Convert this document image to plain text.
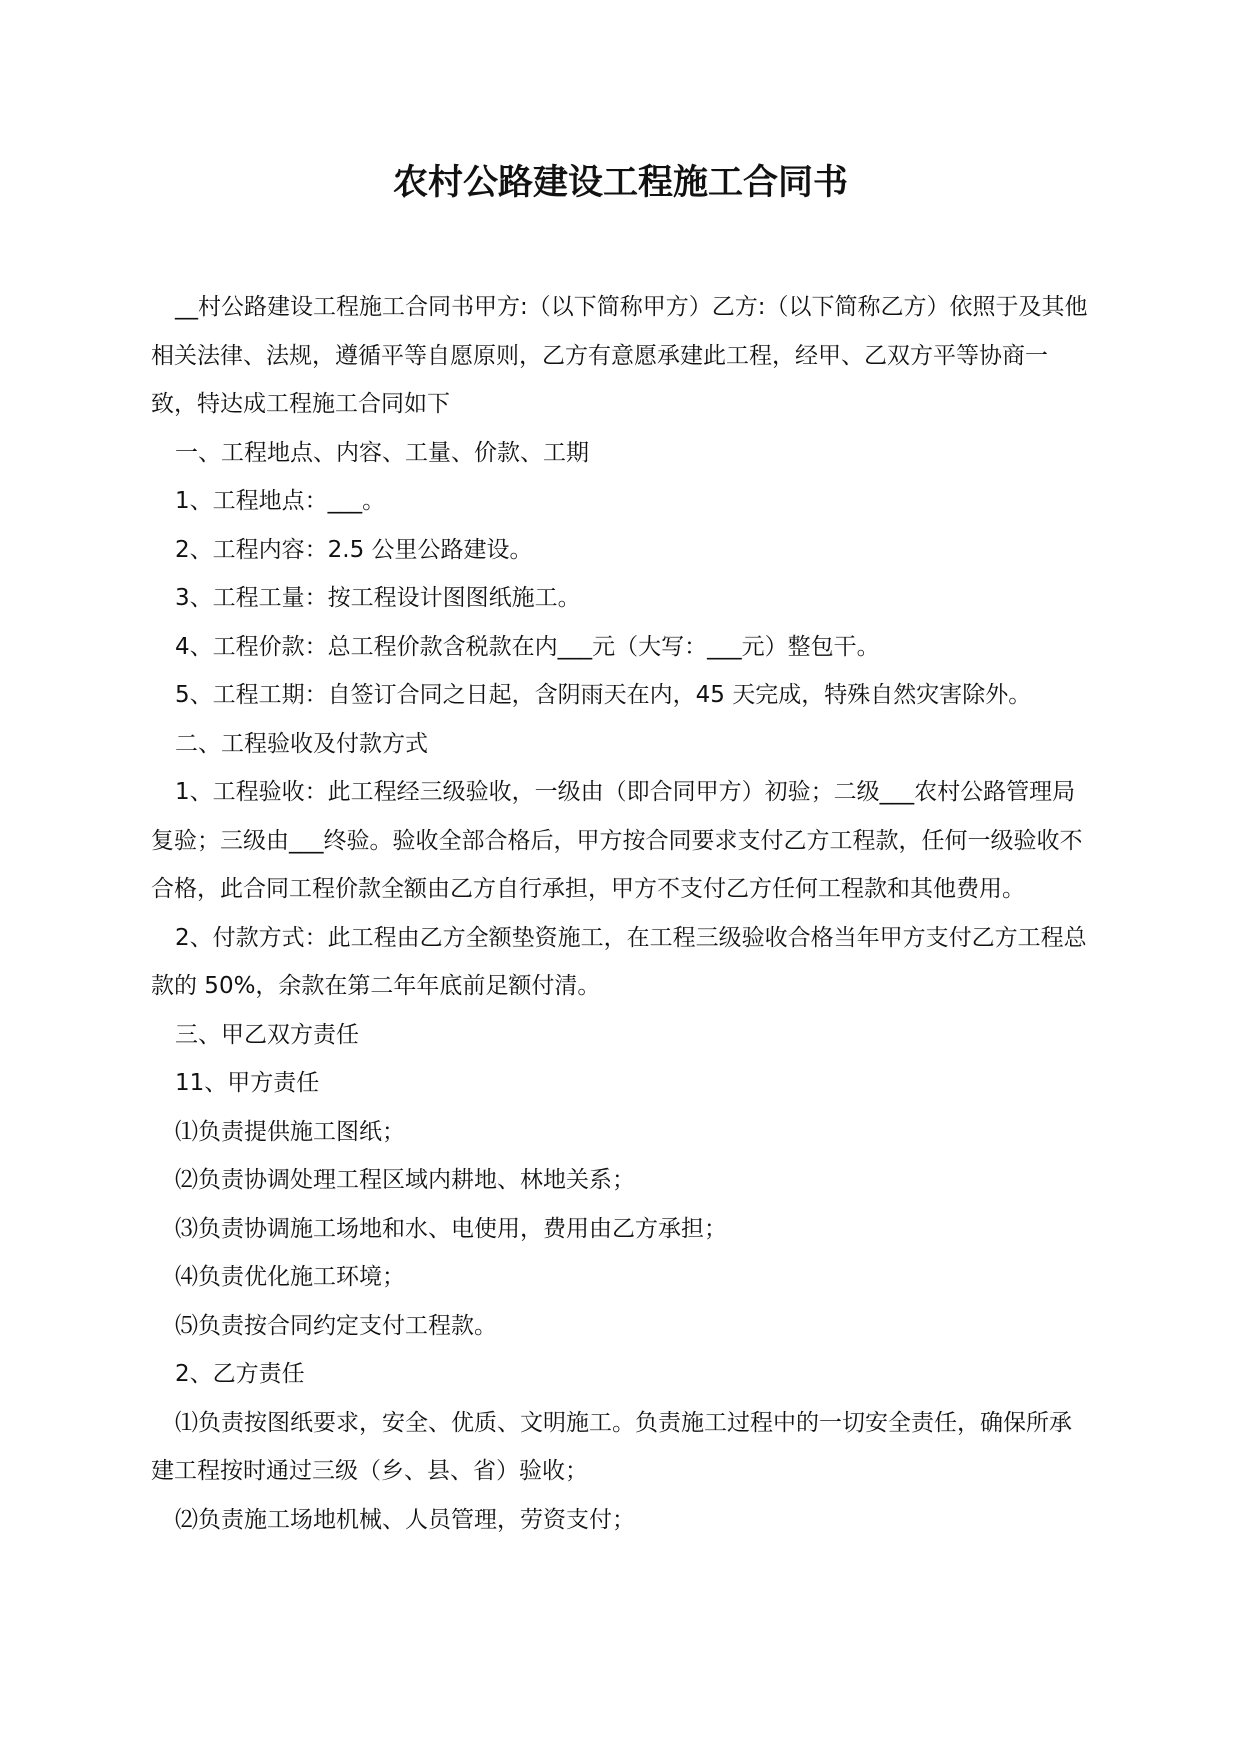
农村公路建设工程施工合同书

__村公路建设工程施工合同书甲方:（以下简称甲方）乙方:（以下简称乙方）依照于及其他相关法律、法规，遵循平等自愿原则，乙方有意愿承建此工程，经甲、乙双方平等协商一致，特达成工程施工合同如下

一、工程地点、内容、工量、价款、工期

1、工程地点：___。

2、工程内容：2.5 公里公路建设。

3、工程工量：按工程设计图图纸施工。

4、工程价款：总工程价款含税款在内___元（大写：___元）整包干。

5、工程工期：自签订合同之日起，含阴雨天在内，45 天完成，特殊自然灾害除外。

二、工程验收及付款方式

1、工程验收：此工程经三级验收，一级由（即合同甲方）初验；二级___农村公路管理局复验；三级由___终验。验收全部合格后，甲方按合同要求支付乙方工程款，任何一级验收不合格，此合同工程价款全额由乙方自行承担，甲方不支付乙方任何工程款和其他费用。

2、付款方式：此工程由乙方全额垫资施工，在工程三级验收合格当年甲方支付乙方工程总款的 50%，余款在第二年年底前足额付清。

三、甲乙双方责任

11、甲方责任

⑴负责提供施工图纸；

⑵负责协调处理工程区域内耕地、林地关系；

⑶负责协调施工场地和水、电使用，费用由乙方承担；

⑷负责优化施工环境；

⑸负责按合同约定支付工程款。

2、乙方责任

⑴负责按图纸要求，安全、优质、文明施工。负责施工过程中的一切安全责任，确保所承建工程按时通过三级（乡、县、省）验收；

⑵负责施工场地机械、人员管理，劳资支付；
